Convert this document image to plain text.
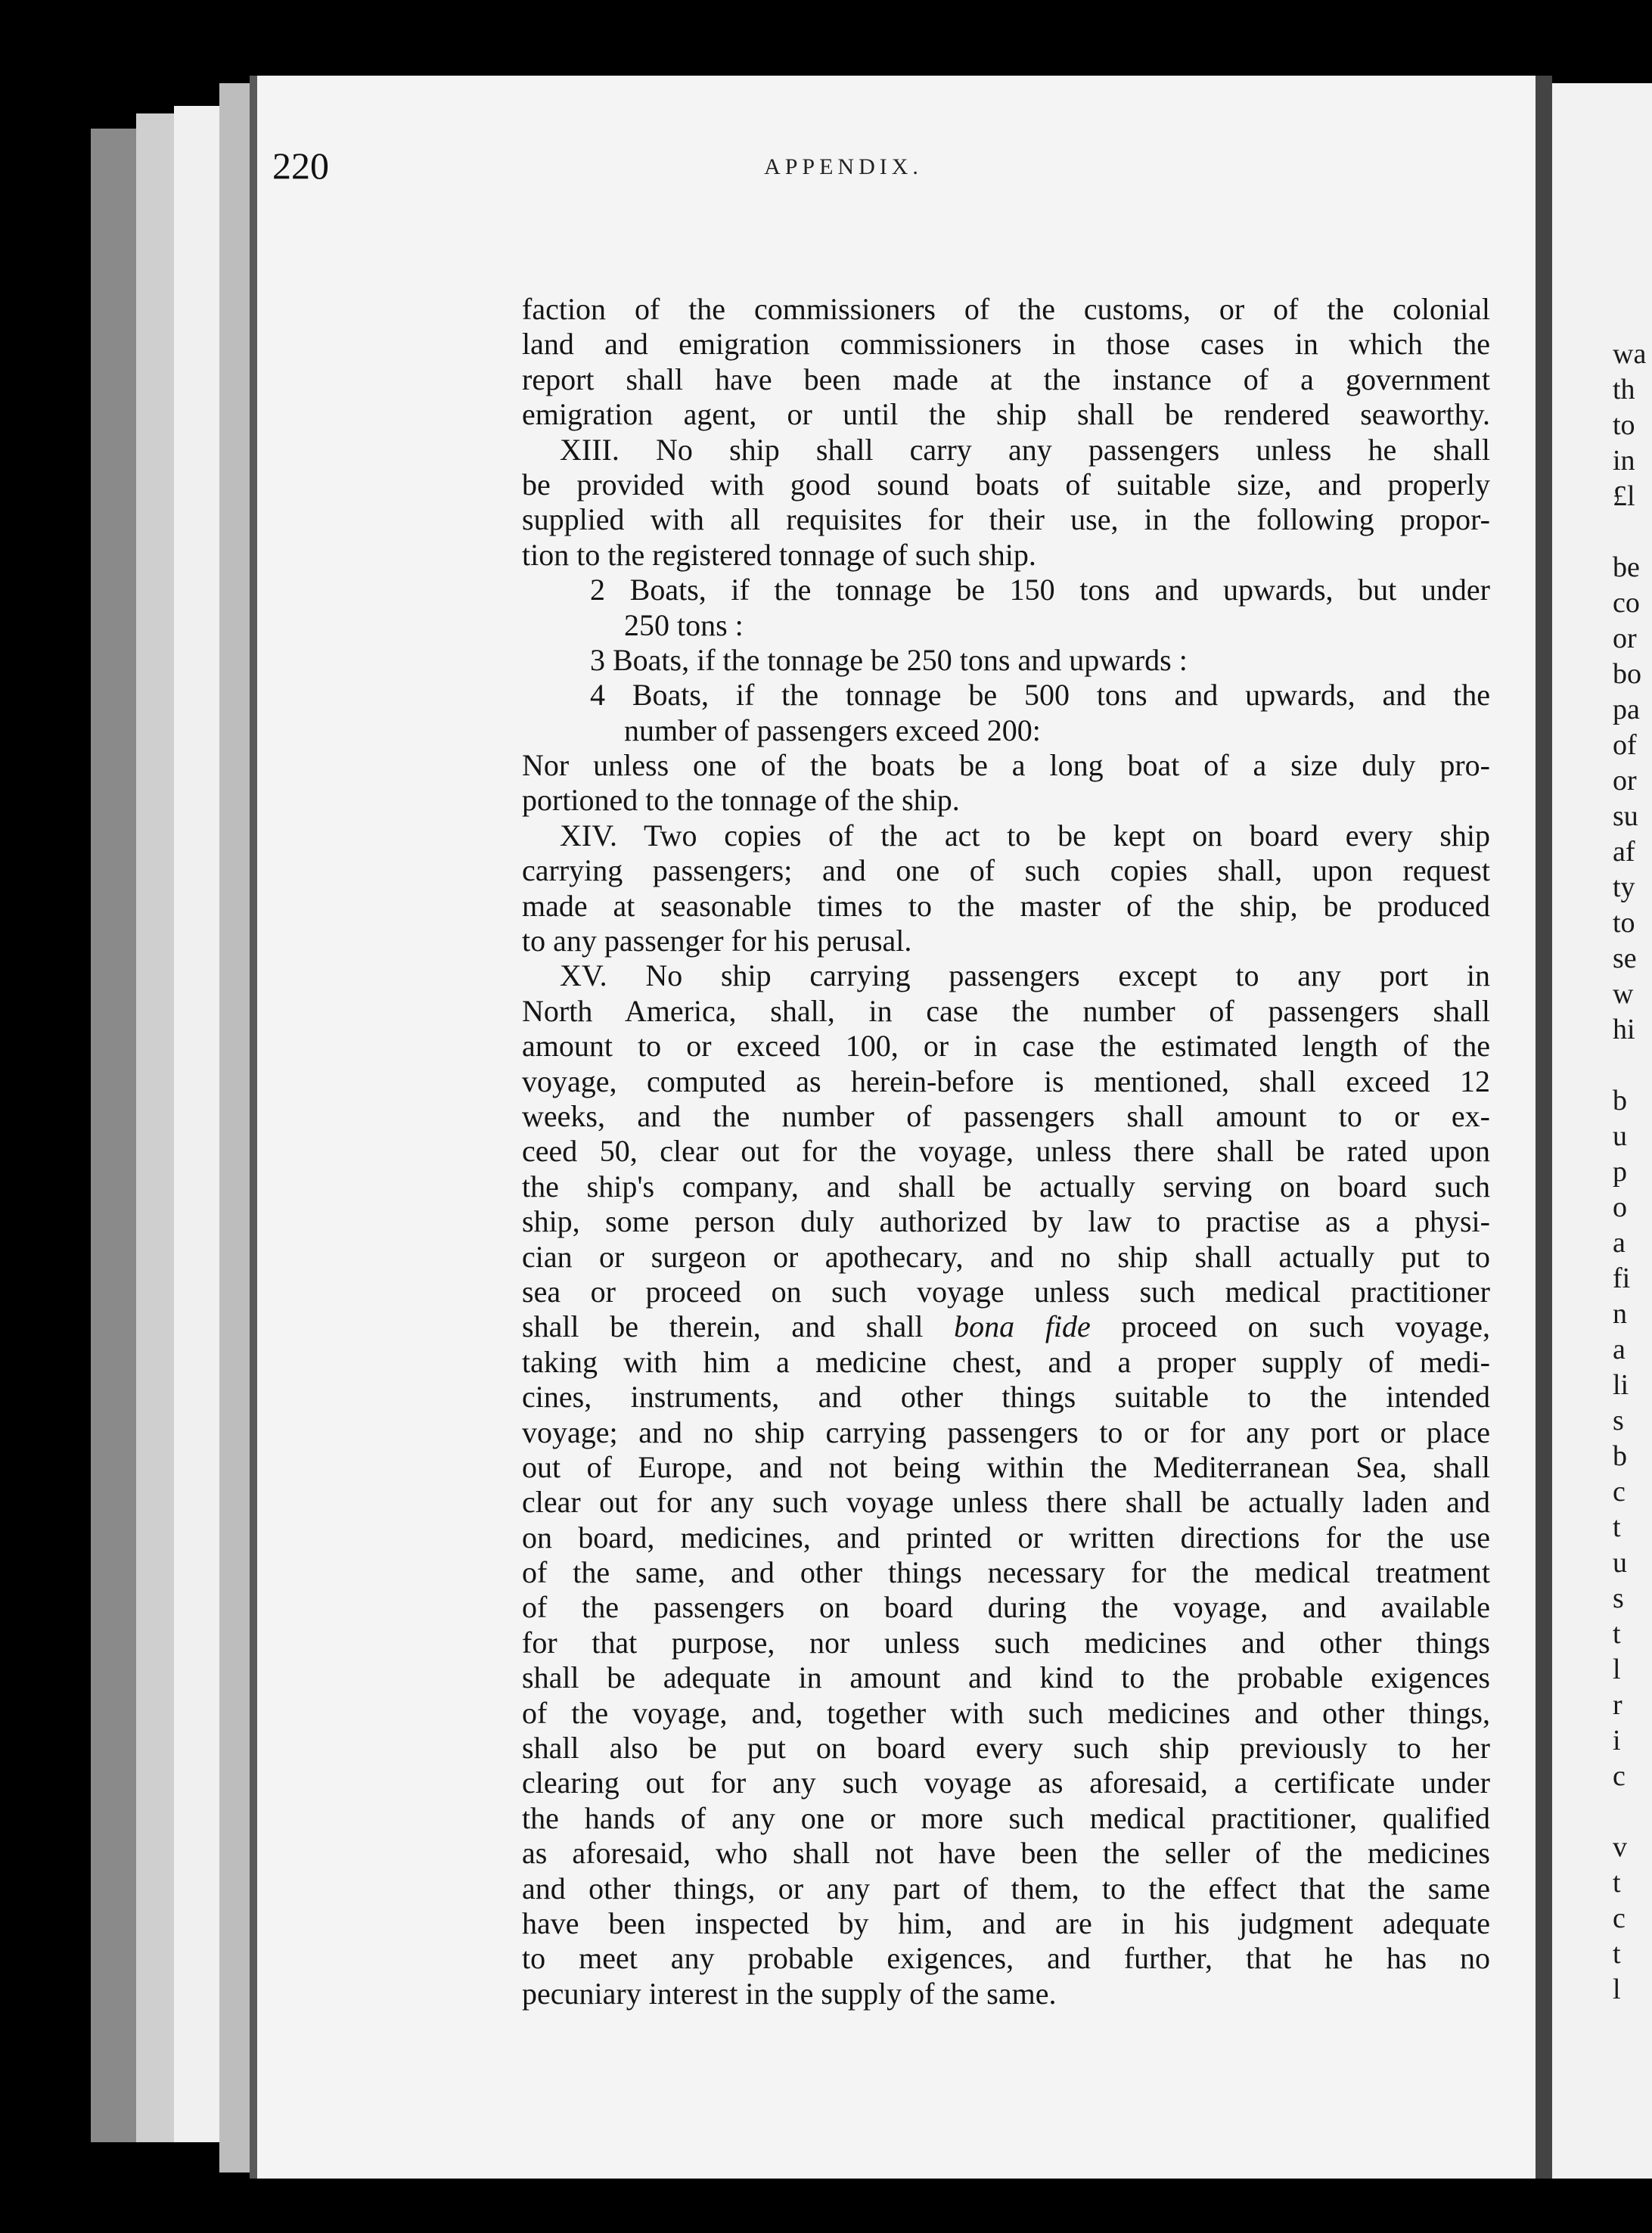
wa
th
to
in
£l
be
co
or
bo
pa
of
or
su
af
ty
to
se
w
hi
b
u
p
o
a
fi
n
a
li
s
b
c
t
u
s
t
l
r
i
c
v
t
c
t
l
220	APPENDIX.
faction of the commissioners of the customs, or of the colonial
land and emigration commissioners in those cases in which the
report shall have been made at the instance of a government
emigration agent, or until the ship shall be rendered seaworthy.
XIII. No ship shall carry any passengers unless he shall
be provided with good sound boats of suitable size, and properly
supplied with all requisites for their use, in the following propor-
tion to the registered tonnage of such ship.
2 Boats, if the tonnage be 150 tons and upwards, but under
250 tons :
3 Boats, if the tonnage be 250 tons and upwards :
4 Boats, if the tonnage be 500 tons and upwards, and the
number of passengers exceed 200:
Nor unless one of the boats be a long boat of a size duly pro-
portioned to the tonnage of the ship.
XIV. Two copies of the act to be kept on board every ship
carrying passengers; and one of such copies shall, upon request
made at seasonable times to the master of the ship, be produced
to any passenger for his perusal.
XV. No ship carrying passengers except to any port in
North America, shall, in case the number of passengers shall
amount to or exceed 100, or in case the estimated length of the
voyage, computed as herein-before is mentioned, shall exceed 12
weeks, and the number of passengers shall amount to or ex-
ceed 50, clear out for the voyage, unless there shall be rated upon
the ship's company, and shall be actually serving on board such
ship, some person duly authorized by law to practise as a physi-
cian or surgeon or apothecary, and no ship shall actually put to
sea or proceed on such voyage unless such medical practitioner
shall be therein, and shall bona fide proceed on such voyage,
taking with him a medicine chest, and a proper supply of medi-
cines, instruments, and other things suitable to the intended
voyage; and no ship carrying passengers to or for any port or place
out of Europe, and not being within the Mediterranean Sea, shall
clear out for any such voyage unless there shall be actually laden and
on board, medicines, and printed or written directions for the use
of the same, and other things necessary for the medical treatment
of the passengers on board during the voyage, and available
for that purpose, nor unless such medicines and other things
shall be adequate in amount and kind to the probable exigences
of the voyage, and, together with such medicines and other things,
shall also be put on board every such ship previously to her
clearing out for any such voyage as aforesaid, a certificate under
the hands of any one or more such medical practitioner, qualified
as aforesaid, who shall not have been the seller of the medicines
and other things, or any part of them, to the effect that the same
have been inspected by him, and are in his judgment adequate
to meet any probable exigences, and further, that he has no
pecuniary interest in the supply of the same.
